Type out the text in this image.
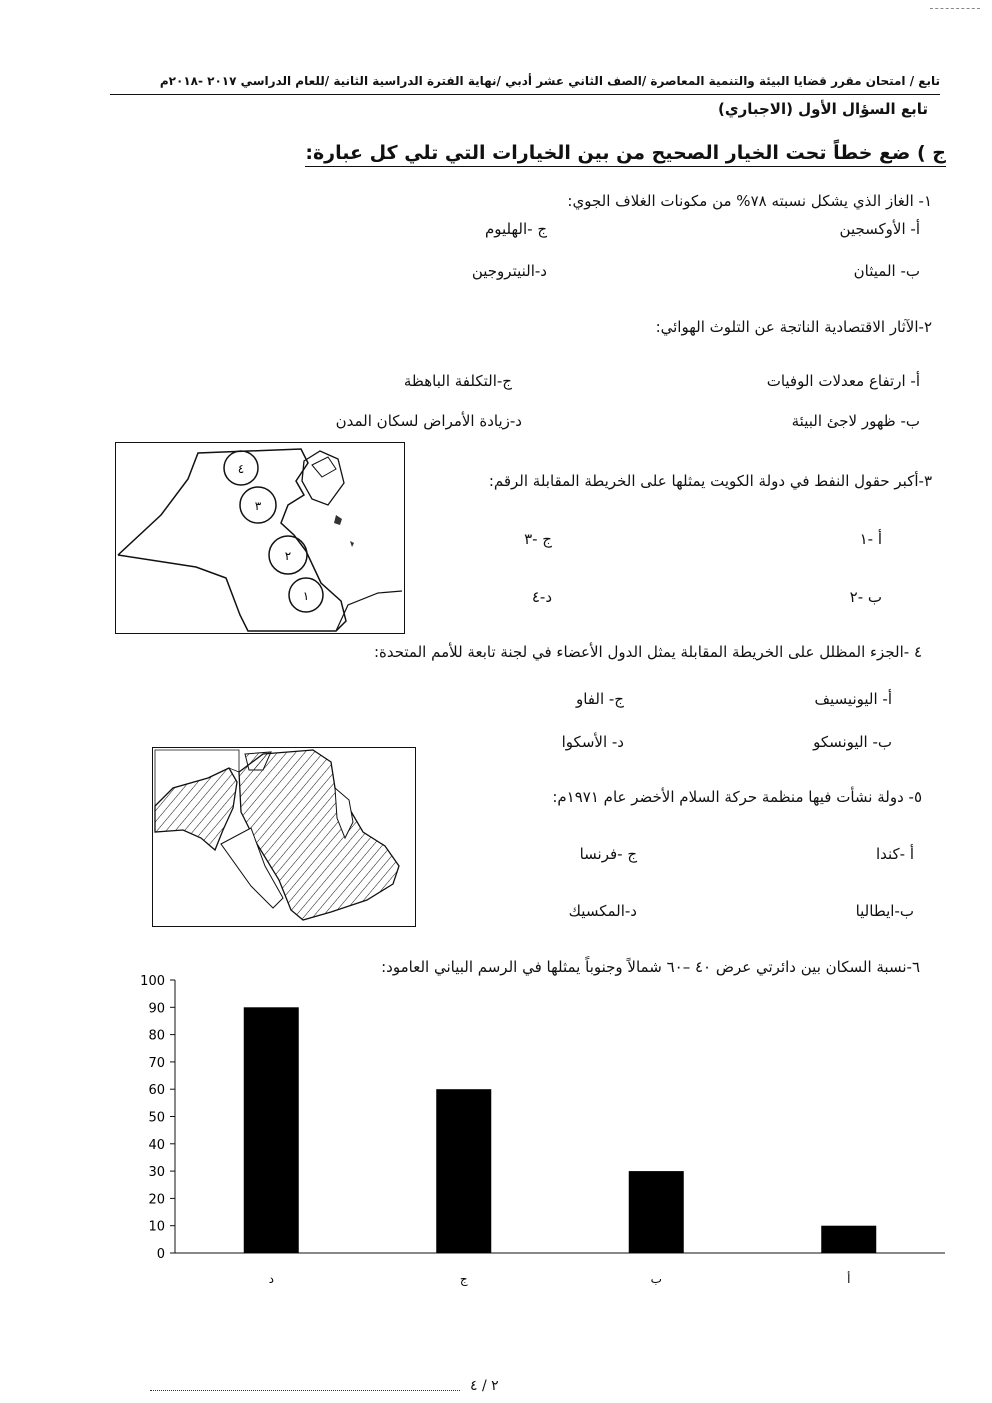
تابع / امتحان مقرر قضايا البيئة والتنمية المعاصرة /الصف الثاني عشر أدبي /نهاية الفترة الدراسية الثانية /للعام الدراسي ٢٠١٧ -٢٠١٨م
تابع السؤال الأول (الاجباري)
ج ) ضع خطاً تحت الخيار الصحيح من بين الخيارات التي تلي كل عبارة:
١- الغاز الذي يشكل نسبته ٧٨% من مكونات الغلاف الجوي:
أ- الأوكسجين
ج -الهليوم
ب- الميثان
د-النيتروجين
٢-الآثار الاقتصادية الناتجة عن التلوث الهوائي:
أ- ارتفاع معدلات الوفيات
ج-التكلفة الباهظة
ب- ظهور لاجئ البيئة
د-زيادة الأمراض لسكان المدن
٤
٣
٢
١
٣-أكبر حقول النفط في دولة الكويت يمثلها على الخريطة المقابلة الرقم:
أ -١
ج -٣
ب -٢
د-٤
٤ -الجزء المظلل على الخريطة المقابلة يمثل الدول الأعضاء في لجنة تابعة للأمم المتحدة:
أ- اليونيسيف
ج- الفاو
ب- اليونسكو
د- الأسكوا
٥- دولة نشأت فيها منظمة حركة السلام الأخضر عام ١٩٧١م:
أ -كندا
ج -فرنسا
ب-ايطاليا
د-المكسيك
٦-نسبة السكان بين دائرتي عرض ٤٠ –٦٠ شمالاً وجنوباً يمثلها في الرسم البياني العامود:
0
10
20
30
40
50
60
70
80
90
100
د	ج	ب	أ
٢ / ٤
